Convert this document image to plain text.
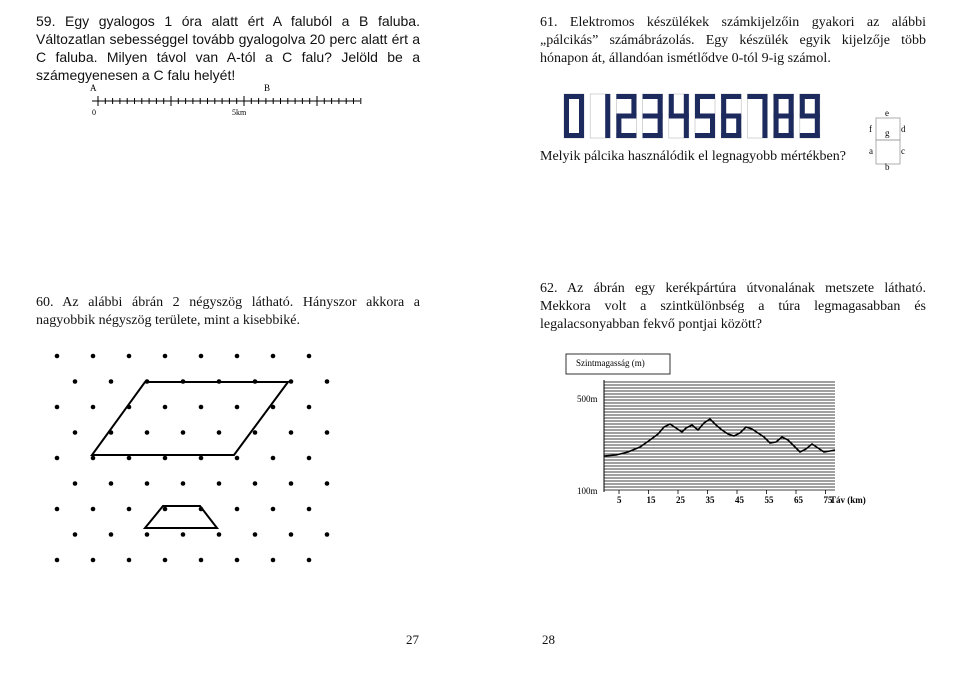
59. Egy gyalogos 1 óra alatt ért A faluból a B faluba. Változatlan sebességgel tovább gyalogolva 20 perc alatt ért a C faluba. Milyen távol van A-tól a C falu? Jelöld be a számegyenesen a C falu helyét!
61. Elektromos készülékek számkijelzőin gyakori az alábbi „pálcikás” számábrázolás. Egy készülék egyik kijelzője több hónapon át, állandóan ismétlődve 0-tól 9-ig számol.
Melyik pálcika használódik el legnagyobb mértékben?
60. Az alábbi ábrán 2 négyszög látható. Hányszor akkora a nagyobbik négyszög területe, mint a kisebbiké.
62. Az ábrán egy kerékpártúra útvonalának metszete látható. Mekkora volt a szintkülönbség a túra legmagasabban és legalacsonyabban fekvő pontjai között?
27	28
A	B
0	5km	e
f g d
a	c
b
Szintmagasság (m)
500m
100m
5	15 25 35 45 55 65 75
Táv (km)
